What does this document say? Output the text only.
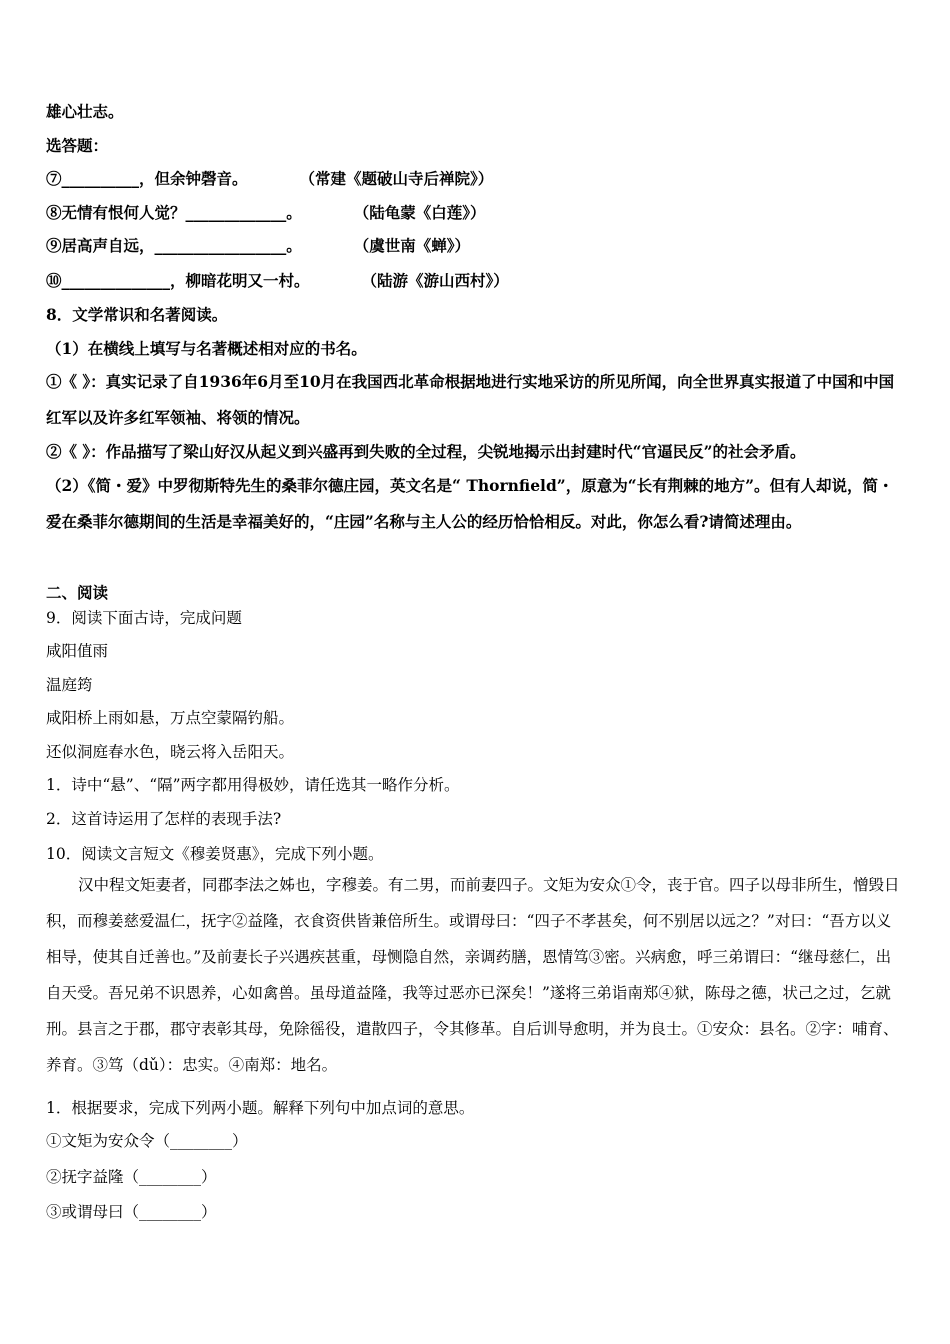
雄心壮志。
选答题：
⑦__________，但余钟磬音。	（常建《题破山寺后禅院》）
⑧无情有恨何人觉？_____________。	（陆龟蒙《白莲》）
⑨居高声自远，_________________。	（虞世南《蝉》）
⑩______________，柳暗花明又一村。	（陆游《游山西村》）
8．文学常识和名著阅读。
（1）在横线上填写与名著概述相对应的书名。
①《 》：真实记录了自1936年6月至10月在我国西北革命根据地进行实地采访的所见所闻，向全世界真实报道了中国和中国红军以及许多红军领袖、将领的情况。
②《 》：作品描写了梁山好汉从起义到兴盛再到失败的全过程，尖锐地揭示出封建时代“官逼民反”的社会矛盾。
（2）《简・爱》中罗彻斯特先生的桑菲尔德庄园，英文名是“ Thornfield”，原意为“长有荆棘的地方”。但有人却说，简・爱在桑菲尔德期间的生活是幸福美好的，“庄园”名称与主人公的经历恰恰相反。对此，你怎么看?请简述理由。
二、阅读
9．阅读下面古诗，完成问题
咸阳值雨
温庭筠
咸阳桥上雨如悬，万点空蒙隔钓船。
还似洞庭春水色，晓云将入岳阳天。
1．诗中“悬”、“隔”两字都用得极妙，请任选其一略作分析。
2．这首诗运用了怎样的表现手法?
10．阅读文言短文《穆姜贤惠》，完成下列小题。
汉中程文矩妻者，同郡李法之姊也，字穆姜。有二男，而前妻四子。文矩为安众①令，丧于官。四子以母非所生，憎毁日积，而穆姜慈爱温仁，抚字②益隆，衣食资供皆兼倍所生。或谓母曰：“四子不孝甚矣，何不别居以远之？”对曰：“吾方以义相导，使其自迁善也。”及前妻长子兴遇疾甚重，母恻隐自然，亲调药膳，恩情笃③密。兴病愈，呼三弟谓曰：“继母慈仁，出自天受。吾兄弟不识恩养，心如禽兽。虽母道益隆，我等过恶亦已深矣！”遂将三弟诣南郑④狱，陈母之德，状己之过，乞就刑。县言之于郡，郡守表彰其母，免除徭役，遣散四子，令其修革。自后训导愈明，并为良士。①安众：县名。②字：哺育、养育。③笃（dǔ）：忠实。④南郑：地名。
1．根据要求，完成下列两小题。解释下列句中加点词的意思。
①文矩为安众令（________）
②抚字益隆（________）
③或谓母曰（________）
